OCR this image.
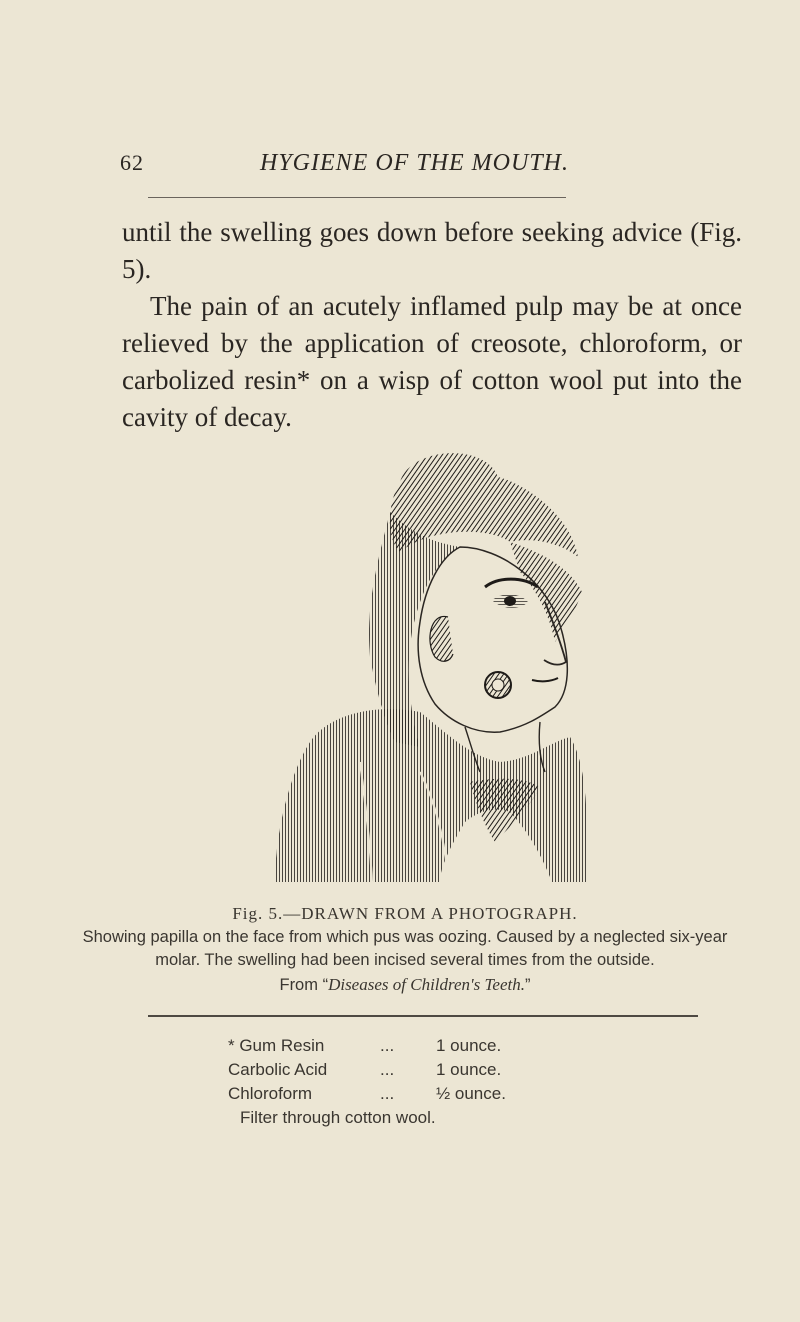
62	HYGIENE OF THE MOUTH.

until the swelling goes down before seeking advice (Fig. 5).

The pain of an acutely inflamed pulp may be at once relieved by the application of creosote, chloroform, or carbolized resin* on a wisp of cotton wool put into the cavity of decay.

Fig. 5.—DRAWN FROM A PHOTOGRAPH.
Showing papilla on the face from which pus was oozing. Caused by a neglected six-year molar. The swelling had been incised several times from the outside.
From “Diseases of Children's Teeth.”
* Gum Resin	...	1 ounce.
Carbolic Acid	...	1 ounce.
Chloroform	...	½ ounce.
Filter through cotton wool.
